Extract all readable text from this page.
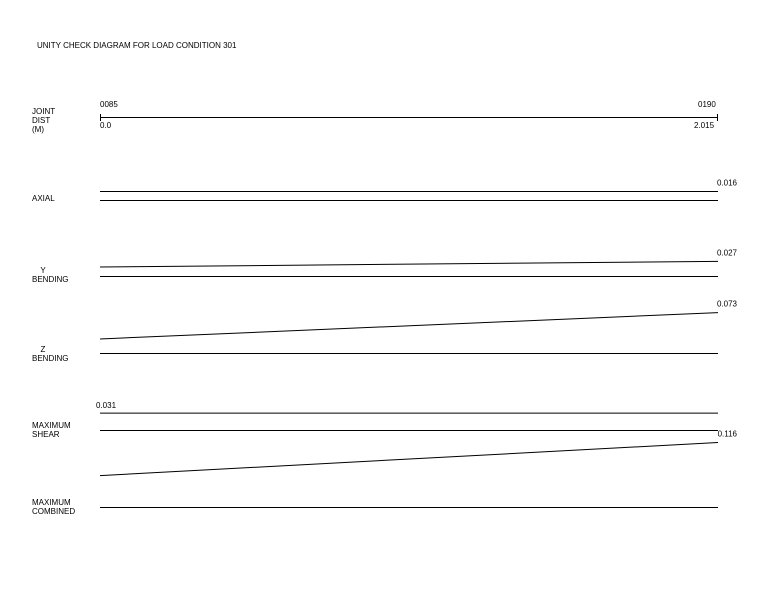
UNITY CHECK DIAGRAM FOR LOAD CONDITION 301
JOINT
DIST
(M)
0085	0190
0.0	2.015
AXIAL
Y
BENDING
Z
BENDING
MAXIMUM
SHEAR
MAXIMUM
COMBINED
0.016
0.027
0.073
0.031
0.116
